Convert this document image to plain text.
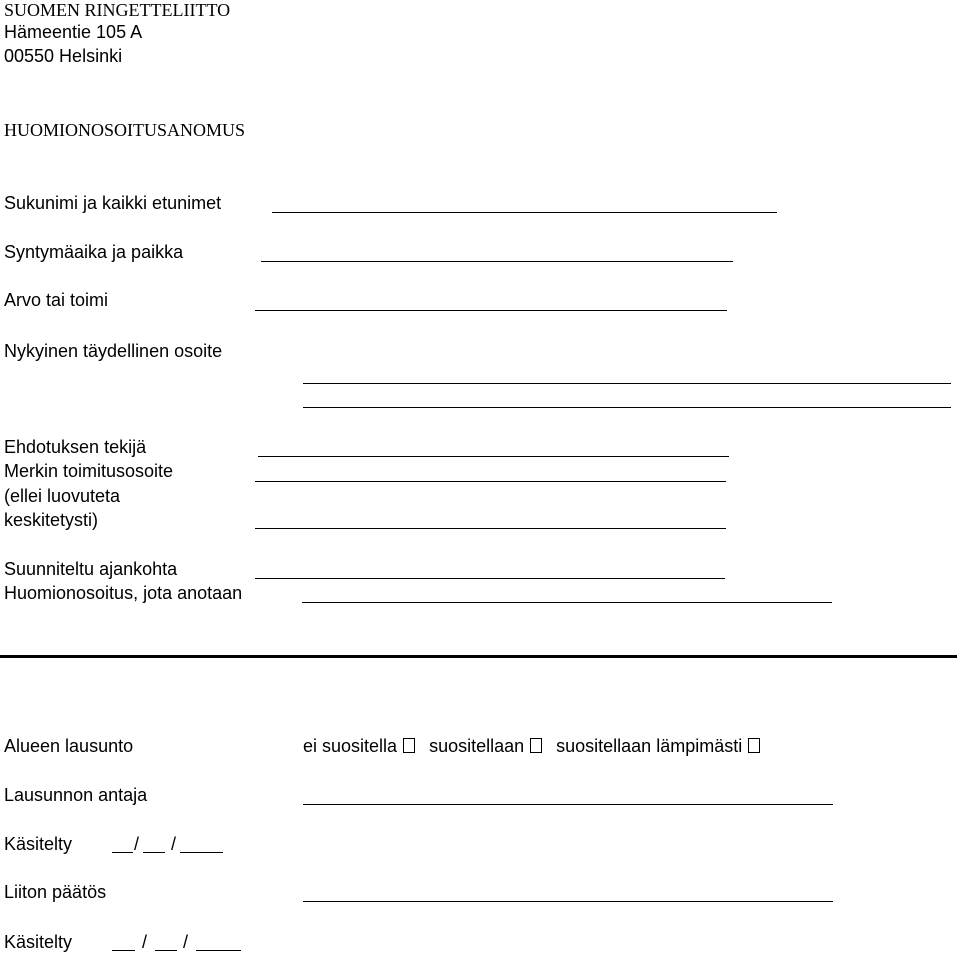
SUOMEN RINGETTELIITTO
Hämeentie 105 A
00550 Helsinki
HUOMIONOSOITUSANOMUS
Sukunimi ja kaikki etunimet
Syntymäaika ja paikka
Arvo tai toimi
Nykyinen täydellinen osoite
Ehdotuksen tekijä
Merkin toimitusosoite
(ellei luovuteta
keskitetysti)
Suunniteltu ajankohta
Huomionosoitus, jota anotaan
Alueen lausunto	ei suositella suositellaan suositellaan lämpimästi
Lausunnon antaja
Käsitelty	/ /
Liiton päätös
Käsitelty	/ /
